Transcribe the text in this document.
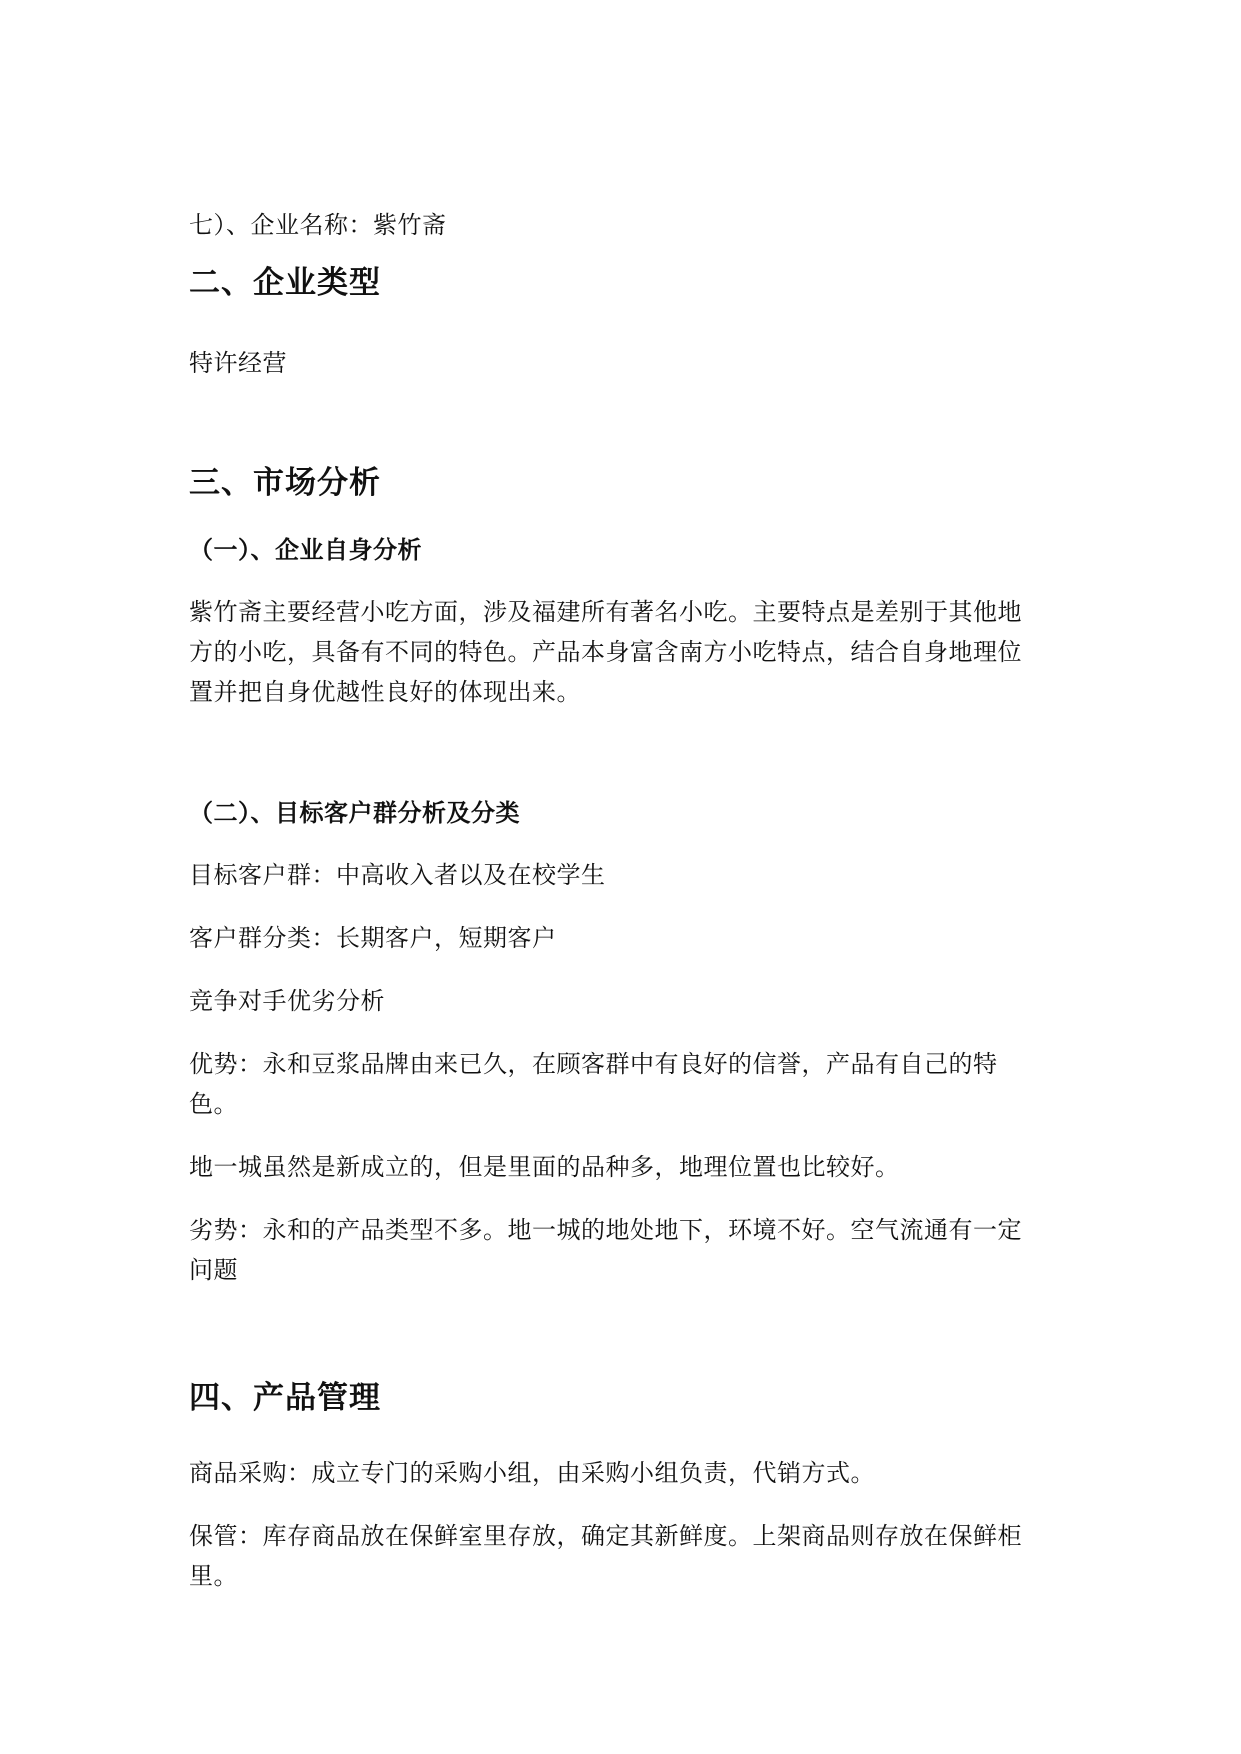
七）、企业名称：紫竹斋

二、企业类型

特许经营

三、市场分析
（一）、企业自身分析

紫竹斋主要经营小吃方面，涉及福建所有著名小吃。主要特点是差别于其他地
方的小吃，具备有不同的特色。产品本身富含南方小吃特点，结合自身地理位
置并把自身优越性良好的体现出来。

（二）、目标客户群分析及分类

目标客户群：中高收入者以及在校学生

客户群分类：长期客户，短期客户

竞争对手优劣分析

优势：永和豆浆品牌由来已久，在顾客群中有良好的信誉，产品有自己的特
色。

地一城虽然是新成立的，但是里面的品种多，地理位置也比较好。

劣势：永和的产品类型不多。地一城的地处地下，环境不好。空气流通有一定
问题

四、产品管理

商品采购：成立专门的采购小组，由采购小组负责，代销方式。

保管：库存商品放在保鲜室里存放，确定其新鲜度。上架商品则存放在保鲜柜
里。
